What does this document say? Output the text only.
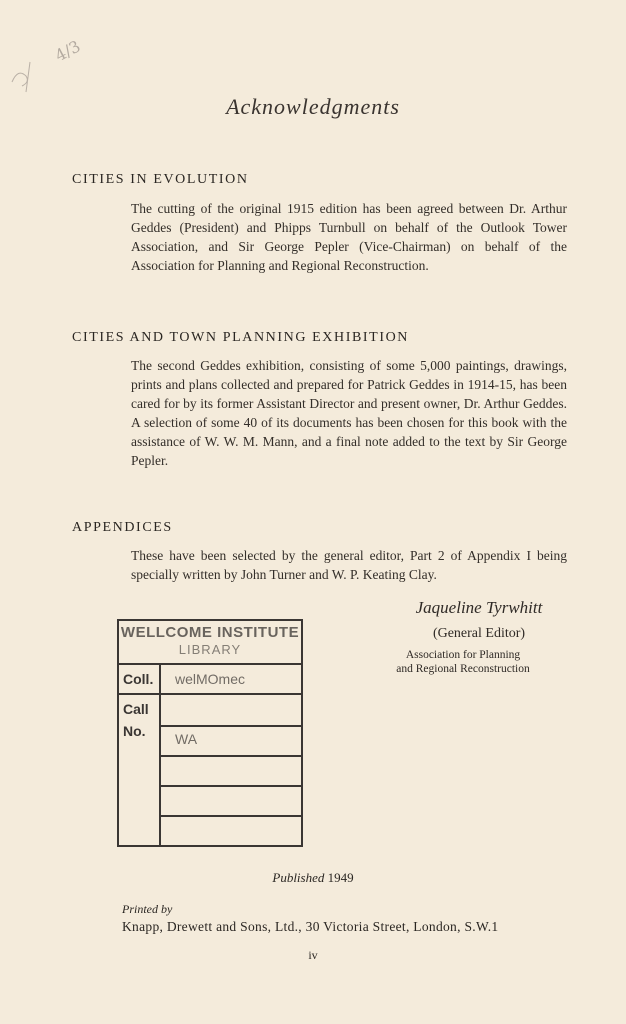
4/3
Acknowledgments
CITIES IN EVOLUTION
The cutting of the original 1915 edition has been agreed between Dr. Arthur Geddes (President) and Phipps Turnbull on behalf of the Outlook Tower Association, and Sir George Pepler (Vice-Chairman) on behalf of the Association for Planning and Regional Reconstruction.
CITIES AND TOWN PLANNING EXHIBITION
The second Geddes exhibition, consisting of some 5,000 paintings, drawings, prints and plans collected and prepared for Patrick Geddes in 1914-15, has been cared for by its former Assistant Director and present owner, Dr. Arthur Geddes. A selection of some 40 of its documents has been chosen for this book with the assistance of W. W. M. Mann, and a final note added to the text by Sir George Pepler.
APPENDICES
These have been selected by the general editor, Part 2 of Appendix I being specially written by John Turner and W. P. Keating Clay.
Jaqueline Tyrwhitt
(General Editor)
Association for Planning
and Regional Reconstruction
WELLCOME INSTITUTE
LIBRARY
Coll. welMOmec
Call
No. WA
Published 1949
Printed by
Knapp, Drewett and Sons, Ltd., 30 Victoria Street, London, S.W.1
iv
